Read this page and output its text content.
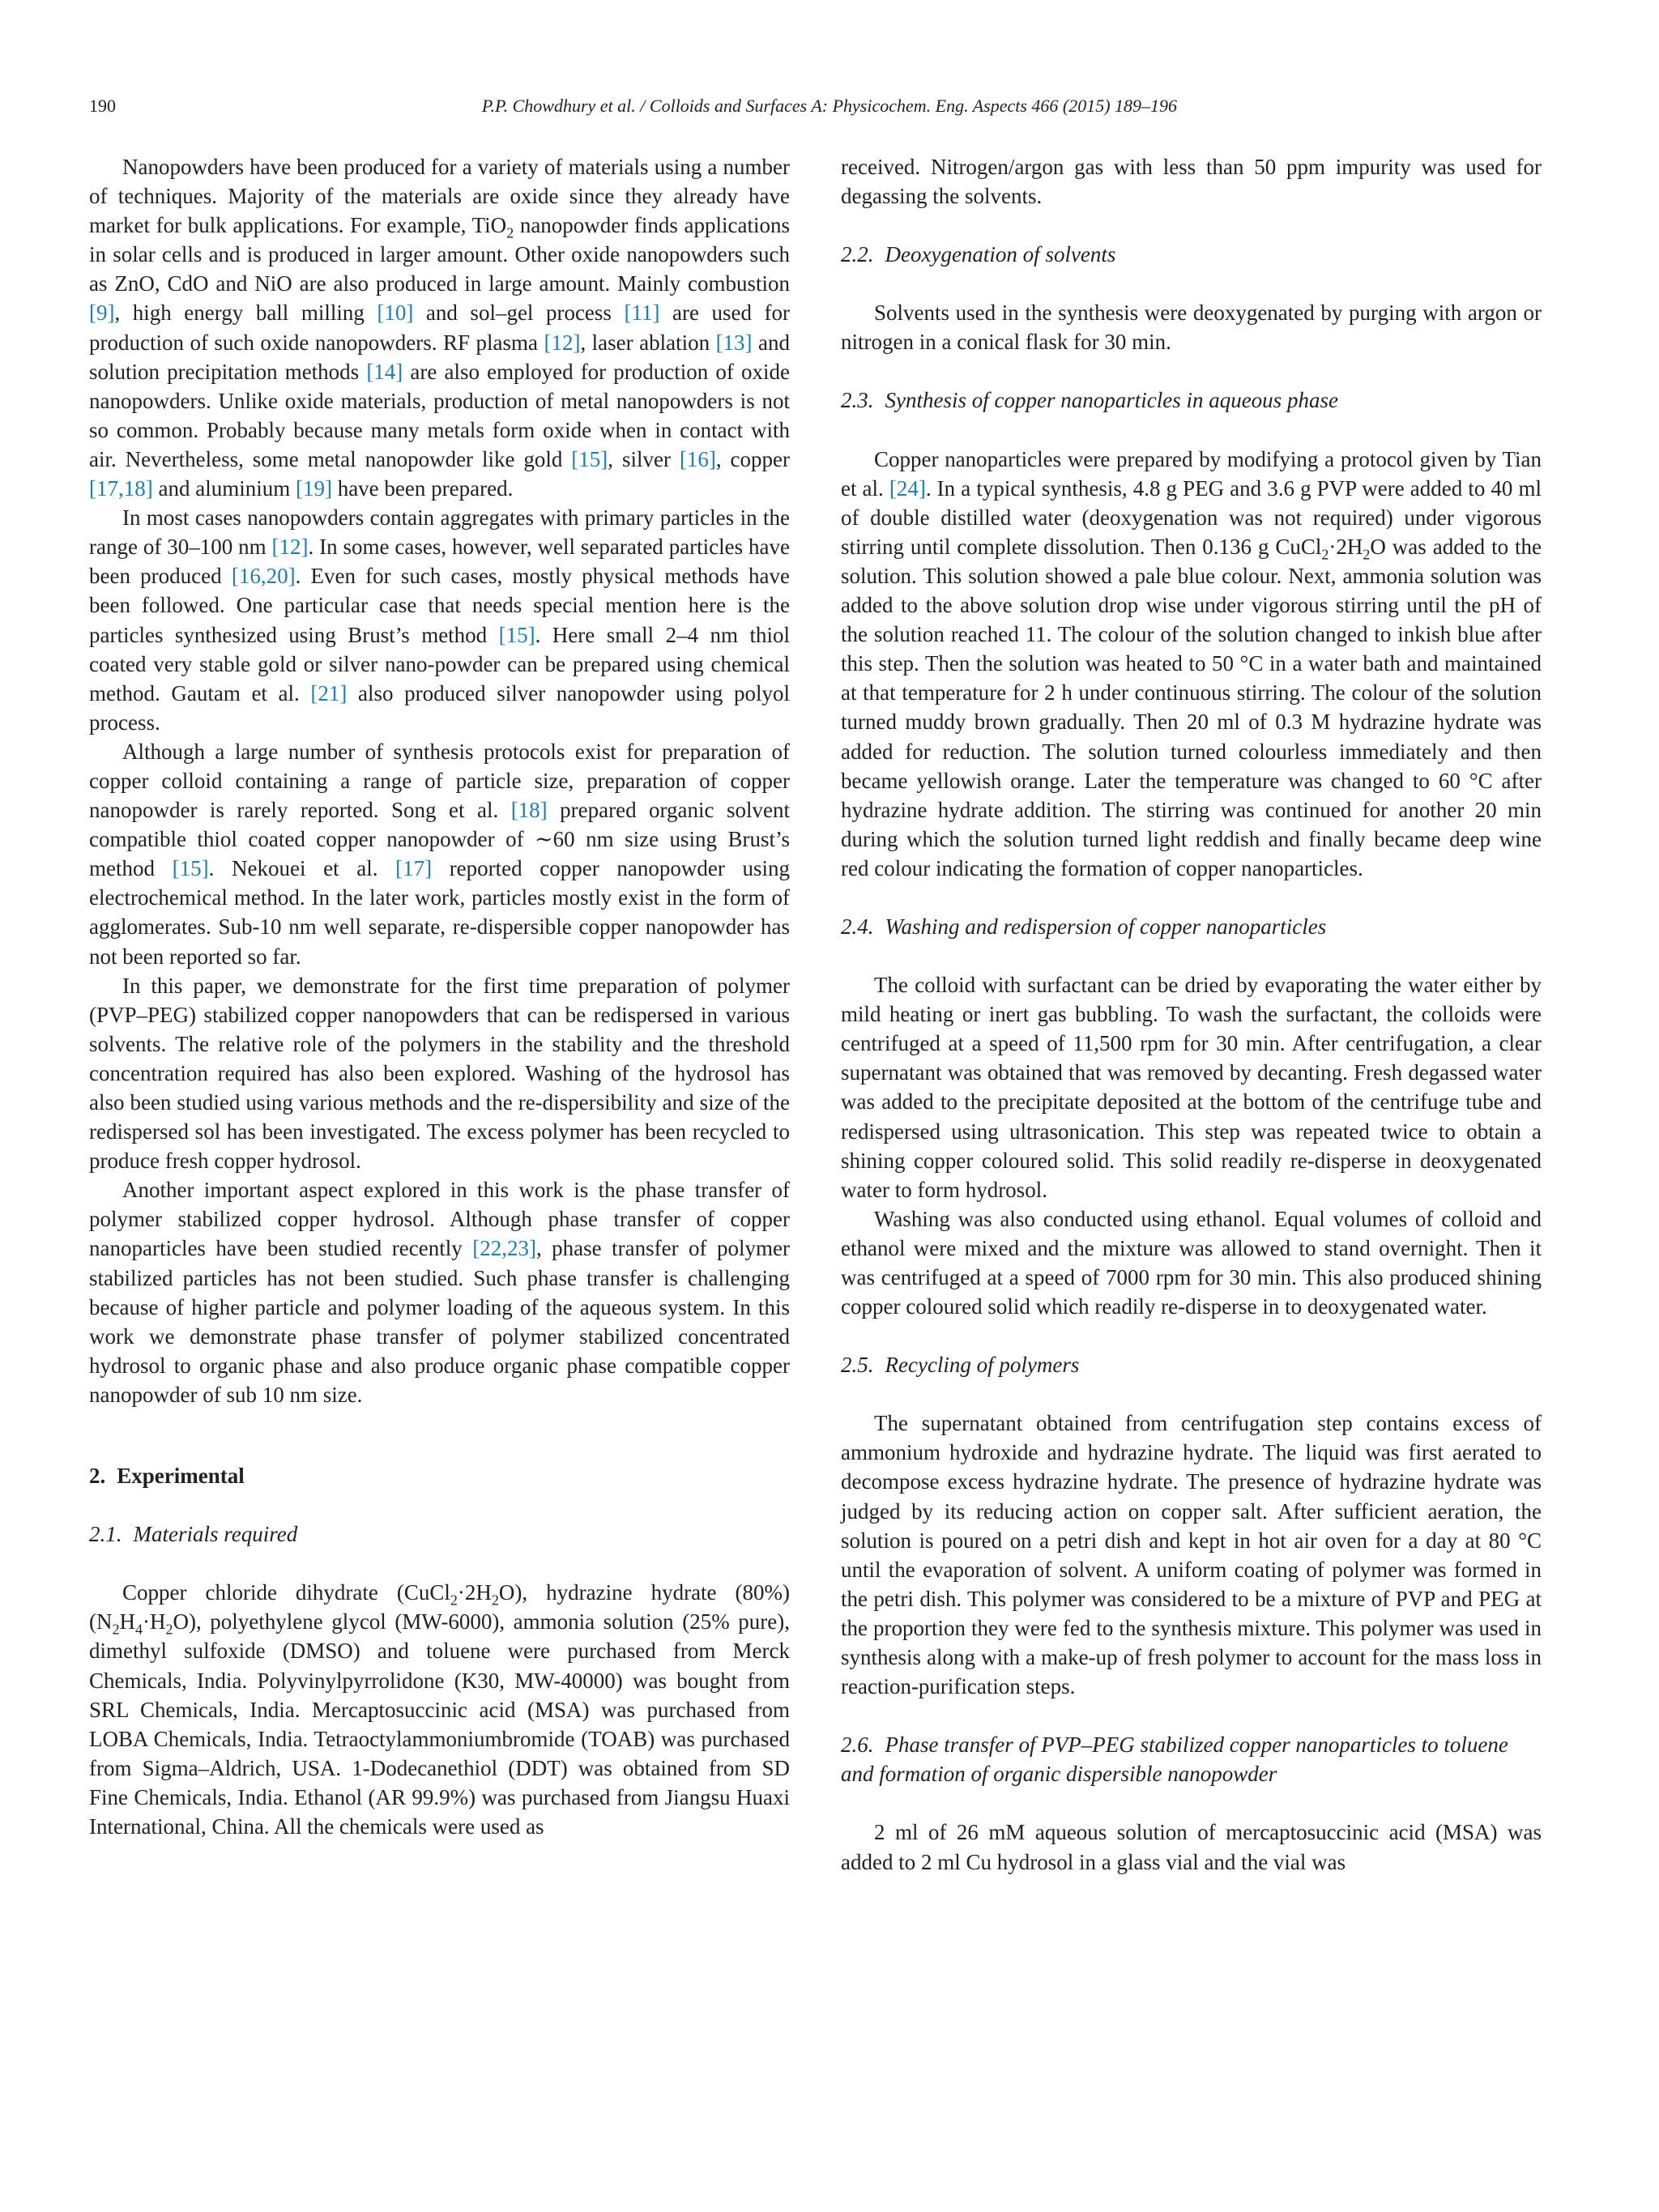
190	P.P. Chowdhury et al. / Colloids and Surfaces A: Physicochem. Eng. Aspects 466 (2015) 189–196

Nanopowders have been produced for a variety of materials using a number of techniques. Majority of the materials are oxide since they already have market for bulk applications. For example, TiO$_2$ nanopowder finds applications in solar cells and is produced in larger amount. Other oxide nanopowders such as ZnO, CdO and NiO are also produced in large amount. Mainly combustion [9], high energy ball milling [10] and sol–gel process [11] are used for production of such oxide nanopowders. RF plasma [12], laser ablation [13] and solution precipitation methods [14] are also employed for production of oxide nanopowders. Unlike oxide materials, production of metal nanopowders is not so common. Probably because many metals form oxide when in contact with air. Nevertheless, some metal nanopowder like gold [15], silver [16], copper [17,18] and aluminium [19] have been prepared.

In most cases nanopowders contain aggregates with primary particles in the range of 30–100 nm [12]. In some cases, however, well separated particles have been produced [16,20]. Even for such cases, mostly physical methods have been followed. One particular case that needs special mention here is the particles synthesized using Brust’s method [15]. Here small 2–4 nm thiol coated very stable gold or silver nano-powder can be prepared using chemical method. Gautam et al. [21] also produced silver nanopowder using polyol process.

Although a large number of synthesis protocols exist for preparation of copper colloid containing a range of particle size, preparation of copper nanopowder is rarely reported. Song et al. [18] prepared organic solvent compatible thiol coated copper nanopowder of ∼60 nm size using Brust’s method [15]. Nekouei et al. [17] reported copper nanopowder using electrochemical method. In the later work, particles mostly exist in the form of agglomerates. Sub-10 nm well separate, re-dispersible copper nanopowder has not been reported so far.

In this paper, we demonstrate for the first time preparation of polymer (PVP–PEG) stabilized copper nanopowders that can be redispersed in various solvents. The relative role of the polymers in the stability and the threshold concentration required has also been explored. Washing of the hydrosol has also been studied using various methods and the re-dispersibility and size of the redispersed sol has been investigated. The excess polymer has been recycled to produce fresh copper hydrosol.

Another important aspect explored in this work is the phase transfer of polymer stabilized copper hydrosol. Although phase transfer of copper nanoparticles have been studied recently [22,23], phase transfer of polymer stabilized particles has not been studied. Such phase transfer is challenging because of higher particle and polymer loading of the aqueous system. In this work we demonstrate phase transfer of polymer stabilized concentrated hydrosol to organic phase and also produce organic phase compatible copper nanopowder of sub 10 nm size.

2. Experimental
2.1. Materials required

Copper chloride dihydrate $(CuCl_2\cdot 2H_2O)$, hydrazine hydrate (80%) $(N_2H_4\cdot H_2O)$, polyethylene glycol (MW-6000), ammonia solution (25% pure), dimethyl sulfoxide (DMSO) and toluene were purchased from Merck Chemicals, India. Polyvinylpyrrolidone (K30, MW-40000) was bought from SRL Chemicals, India. Mercaptosuccinic acid (MSA) was purchased from LOBA Chemicals, India. Tetraoctylammoniumbromide (TOAB) was purchased from Sigma–Aldrich, USA. 1-Dodecanethiol (DDT) was obtained from SD Fine Chemicals, India. Ethanol (AR 99.9%) was purchased from Jiangsu Huaxi International, China. All the chemicals were used as

received. Nitrogen/argon gas with less than 50 ppm impurity was used for degassing the solvents.

2.2. Deoxygenation of solvents

Solvents used in the synthesis were deoxygenated by purging with argon or nitrogen in a conical flask for 30 min.

2.3. Synthesis of copper nanoparticles in aqueous phase

Copper nanoparticles were prepared by modifying a protocol given by Tian et al. [24]. In a typical synthesis, 4.8 g PEG and 3.6 g PVP were added to 40 ml of double distilled water (deoxygenation was not required) under vigorous stirring until complete dissolution. Then 0.136 g $CuCl_2\cdot 2H_2O$ was added to the solution. This solution showed a pale blue colour. Next, ammonia solution was added to the above solution drop wise under vigorous stirring until the pH of the solution reached 11. The colour of the solution changed to inkish blue after this step. Then the solution was heated to 50 °C in a water bath and maintained at that temperature for 2 h under continuous stirring. The colour of the solution turned muddy brown gradually. Then 20 ml of 0.3 M hydrazine hydrate was added for reduction. The solution turned colourless immediately and then became yellowish orange. Later the temperature was changed to 60 °C after hydrazine hydrate addition. The stirring was continued for another 20 min during which the solution turned light reddish and finally became deep wine red colour indicating the formation of copper nanoparticles.

2.4. Washing and redispersion of copper nanoparticles

The colloid with surfactant can be dried by evaporating the water either by mild heating or inert gas bubbling. To wash the surfactant, the colloids were centrifuged at a speed of 11,500 rpm for 30 min. After centrifugation, a clear supernatant was obtained that was removed by decanting. Fresh degassed water was added to the precipitate deposited at the bottom of the centrifuge tube and redispersed using ultrasonication. This step was repeated twice to obtain a shining copper coloured solid. This solid readily re-disperse in deoxygenated water to form hydrosol.

Washing was also conducted using ethanol. Equal volumes of colloid and ethanol were mixed and the mixture was allowed to stand overnight. Then it was centrifuged at a speed of 7000 rpm for 30 min. This also produced shining copper coloured solid which readily re-disperse in to deoxygenated water.

2.5. Recycling of polymers

The supernatant obtained from centrifugation step contains excess of ammonium hydroxide and hydrazine hydrate. The liquid was first aerated to decompose excess hydrazine hydrate. The presence of hydrazine hydrate was judged by its reducing action on copper salt. After sufficient aeration, the solution is poured on a petri dish and kept in hot air oven for a day at 80 °C until the evaporation of solvent. A uniform coating of polymer was formed in the petri dish. This polymer was considered to be a mixture of PVP and PEG at the proportion they were fed to the synthesis mixture. This polymer was used in synthesis along with a make-up of fresh polymer to account for the mass loss in reaction-purification steps.

2.6. Phase transfer of PVP–PEG stabilized copper nanoparticles to toluene and formation of organic dispersible nanopowder

2 ml of 26 mM aqueous solution of mercaptosuccinic acid (MSA) was added to 2 ml Cu hydrosol in a glass vial and the vial was
